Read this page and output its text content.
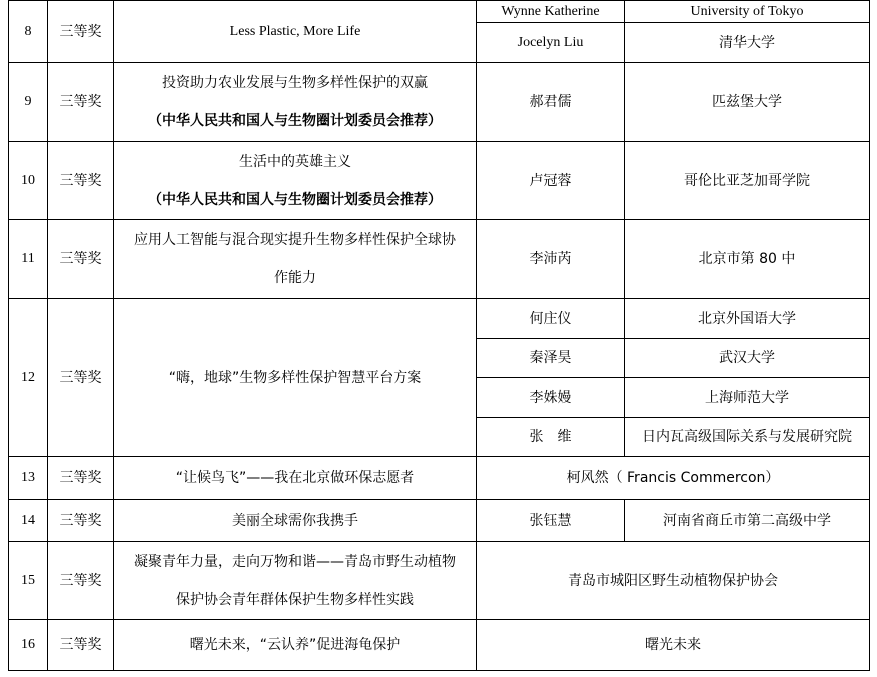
8	三等奖	Less Plastic, More Life	Wynne Katherine	University of Tokyo
			Jocelyn Liu	清华大学
9	三等奖	投资助力农业发展与生物多样性保护的双赢
（中华人民共和国人与生物圈计划委员会推荐）	郝君儒	匹兹堡大学
10	三等奖	生活中的英雄主义
（中华人民共和国人与生物圈计划委员会推荐）	卢冠蓉	哥伦比亚芝加哥学院
11	三等奖	应用人工智能与混合现实提升生物多样性保护全球协
作能力	李沛芮	北京市第 80 中
12	三等奖	“嗨，地球”生物多样性保护智慧平台方案	何庄仪	北京外国语大学
			秦泽昊	武汉大学
			李姝嫚	上海师范大学
			张　维	日内瓦高级国际关系与发展研究院
13	三等奖	“让候鸟飞”——我在北京做环保志愿者	柯风然（ Francis Commercon）	
14	三等奖	美丽全球需你我携手	张钰慧	河南省商丘市第二高级中学
15	三等奖	凝聚青年力量，走向万物和谐——青岛市野生动植物
保护协会青年群体保护生物多样性实践	青岛市城阳区野生动植物保护协会	
16	三等奖	曙光未来，“云认养”促进海龟保护	曙光未来	
